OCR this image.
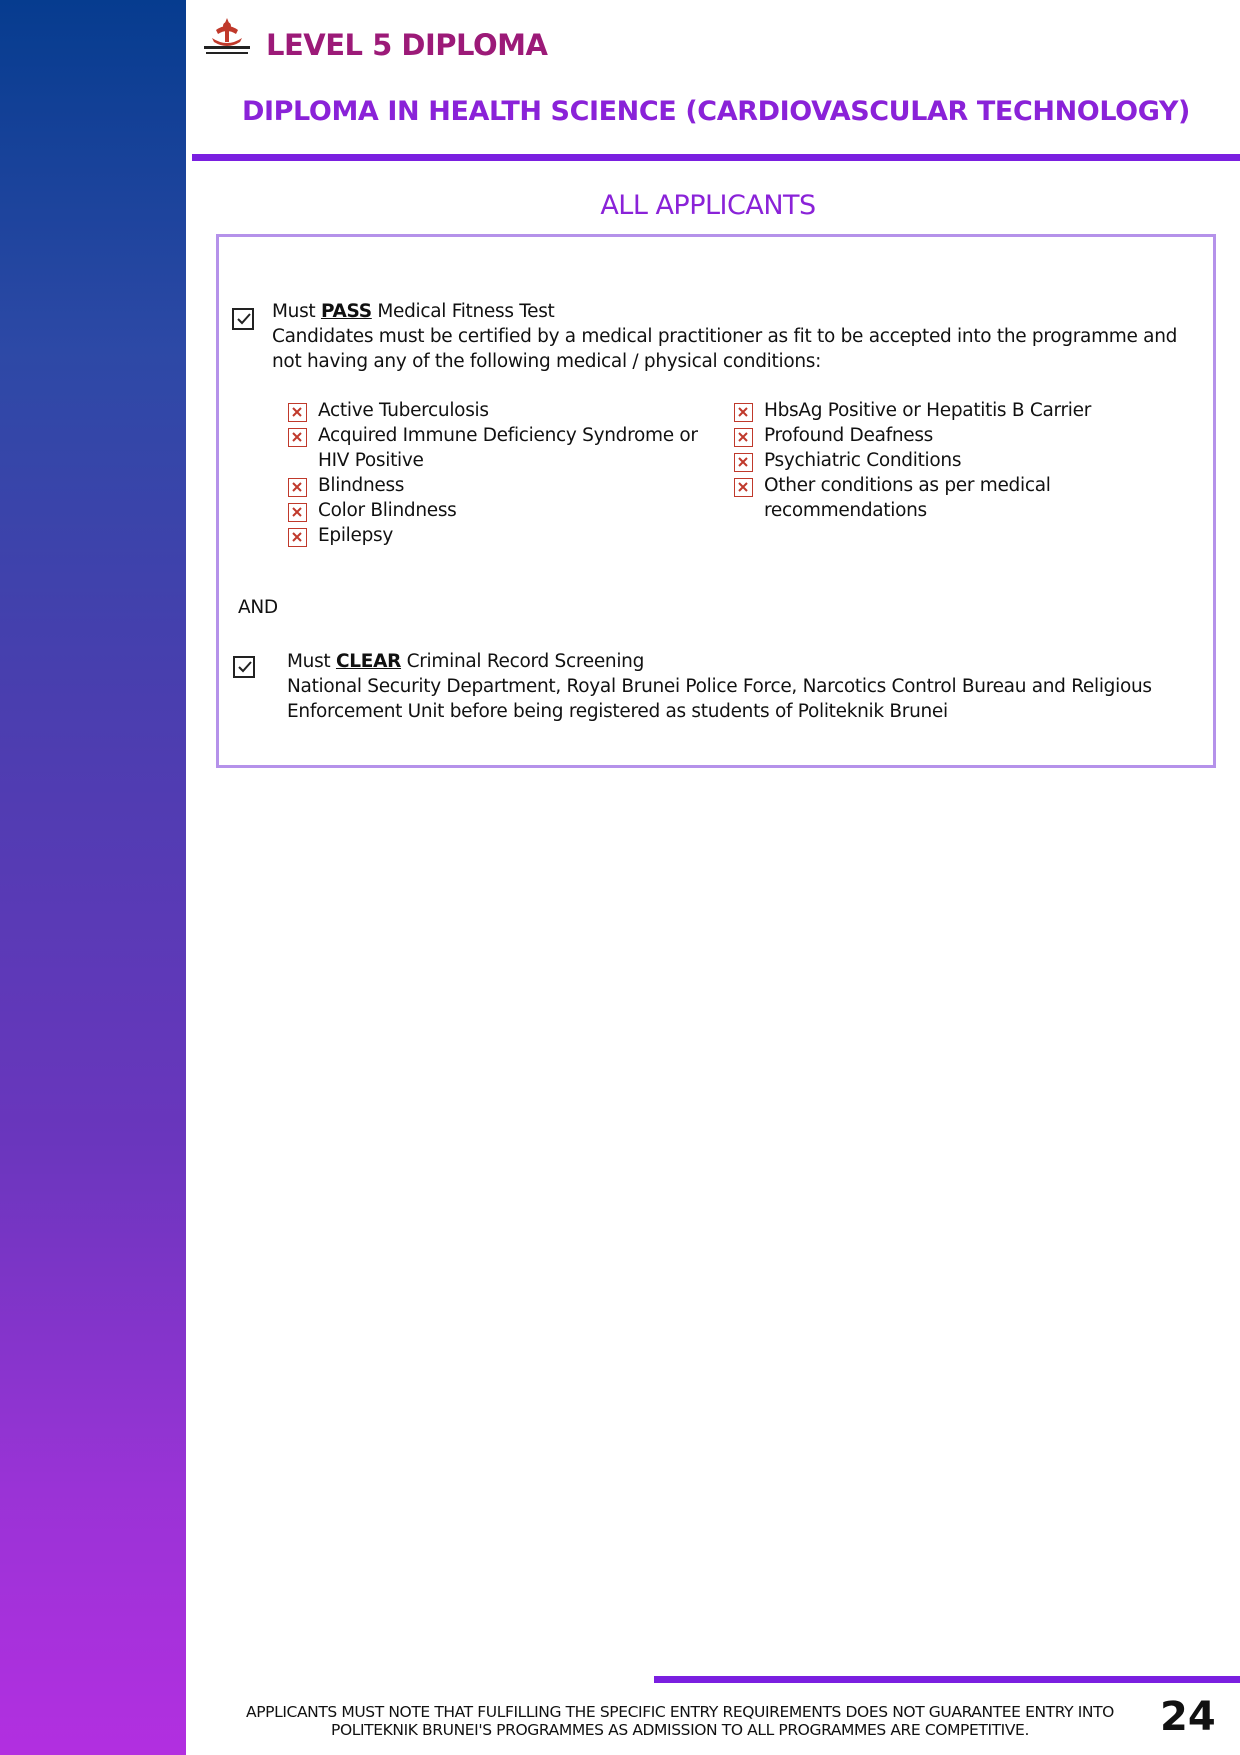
LEVEL 5 DIPLOMA
DIPLOMA IN HEALTH SCIENCE (CARDIOVASCULAR TECHNOLOGY)
ALL APPLICANTS
Must PASS Medical Fitness Test
Candidates must be certified by a medical practitioner as fit to be accepted into the programme and not having any of the following medical / physical conditions:
Active Tuberculosis
Acquired Immune Deficiency Syndrome or HIV Positive
Blindness
Color Blindness
Epilepsy
HbsAg Positive or Hepatitis B Carrier
Profound Deafness
Psychiatric Conditions
Other conditions as per medical recommendations
AND
Must CLEAR Criminal Record Screening
National Security Department, Royal Brunei Police Force, Narcotics Control Bureau and Religious Enforcement Unit before being registered as students of Politeknik Brunei
APPLICANTS MUST NOTE THAT FULFILLING THE SPECIFIC ENTRY REQUIREMENTS DOES NOT GUARANTEE ENTRY INTO
POLITEKNIK BRUNEI'S PROGRAMMES AS ADMISSION TO ALL PROGRAMMES ARE COMPETITIVE.	24
